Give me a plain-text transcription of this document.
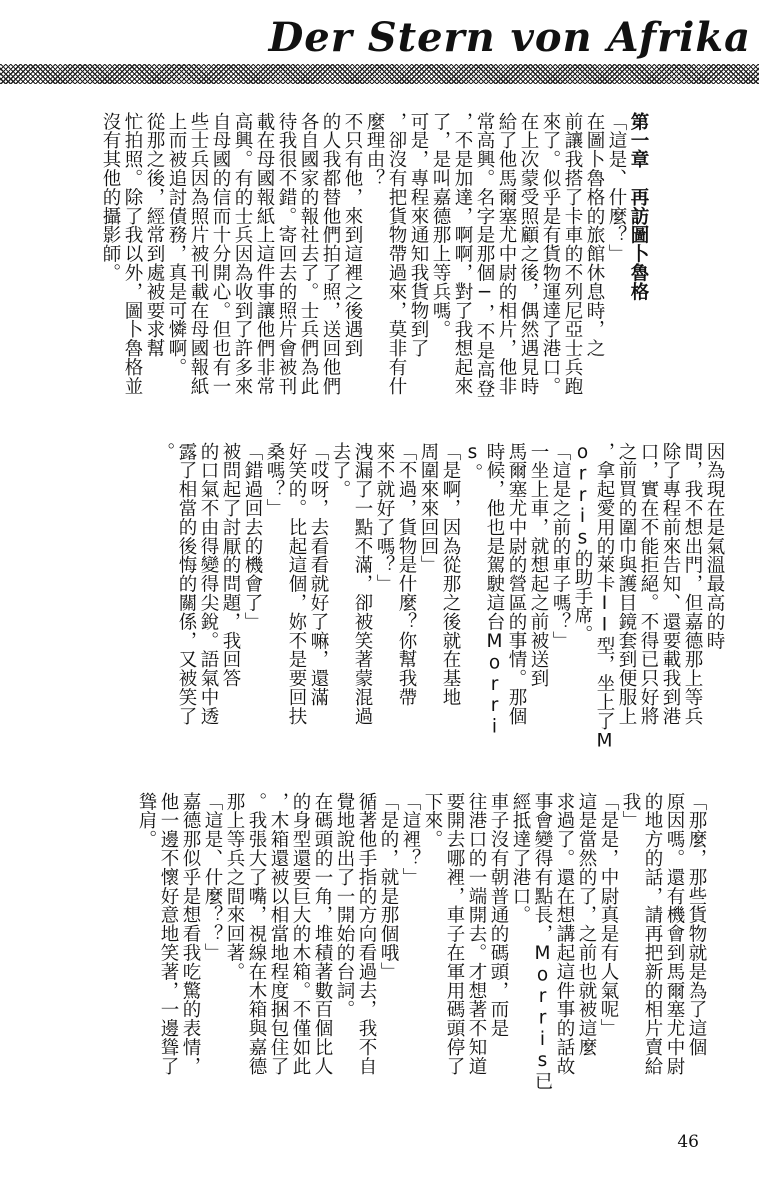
Der Stern von Afrika

第一章　再訪圖卜魯格

「這是、什麼？」

在圖卜魯格的旅館休息時，之

前讓我搭了卡車的不列尼亞士兵跑

來了。似乎是有貨物運達了港口。

在上次蒙受照顧之後，偶然遇見時

給了他馬爾塞尤中尉的相片，他非

常高興。名字是那個─，不是高登

，不是加達，啊啊，對了我想起來

了，是叫嘉德那上等兵嗎。

可是，專程來通知我貨物到了

，卻沒有把貨物帶過來，莫非有什

麼理由？

不只有他，來到這裡之後遇到

的人我都替他們拍了照，送回他們

各自國家的報社去了。士兵們為此

待我很不錯。寄回去的照片會被刊

載在母國報紙上這件事讓他們非常

高興。有的士兵因為收到了許多來

自母國的信而十分開心。但也有一

些士兵因為照片被刊載在母國報紙

上而被追討債務，真是可憐啊。

從那之後，經常到處被要求幫

忙拍照。除了我以外，圖卜魯格並

沒有其他的攝影師。

因為現在是氣溫最高的時

間，我不想出門，但嘉德那上等兵

除了專程前來告知、還要載我到港

口，實在不能拒絕。不得已只好將

之前買的圍巾與護目鏡套到便服上

，拿起愛用的萊卡II型，坐上了M

orris的助手席。

「這是之前的車子嗎？」

一坐上車，就想起之前被送到

馬爾塞尤中尉的營區的事情。那個

時候，他也是駕駛這台Morri

s。

「是啊，因為從那之後就在基地

周圍來來回回」

「不過，貨物是什麼？你幫我帶

來不就好了嗎？」

洩漏了一點不滿，卻被笑著蒙混過

去了。

「哎呀，去看看就好了嘛，還滿

好笑的。比起這個，妳不是要回扶

桑嗎？」

「錯過回去的機會了」

被問起了討厭的問題，我回答

的口氣不由得變得尖銳。語氣中透

露了相當的後悔的關係，又被笑了

。

「那麼，那些貨物就是為了這個

原因嗎。還有機會到馬爾塞尤中尉

的地方的話，請再把新的相片賣給

我」

「是是，中尉真是有人氣呢」

這是當然的了，之前也就被這麼

求過了。還在想講起這件事的話故

事會變得有點長，Morris已

經抵達了港口。

車子沒有朝普通的碼頭，而是

往港口的一端開去。才想著不知道

要開去哪裡，車子在軍用碼頭停了

下來。

「這裡？」

「是的，就是那個哦」

循著他手指的方向看過去，我不自

覺地說出了一開始的台詞。

在碼頭的一角，堆積著數百個比人

的身型還要巨大的木箱。不僅如此

，木箱還被以相當地程度捆包住了

。我張大了嘴，視線在木箱與嘉德

那上等兵之間來回著。

「這是、什麼？？」

嘉德那似乎是想看我吃驚的表情，

他一邊不懷好意地笑著，一邊聳了

聳肩。

46
